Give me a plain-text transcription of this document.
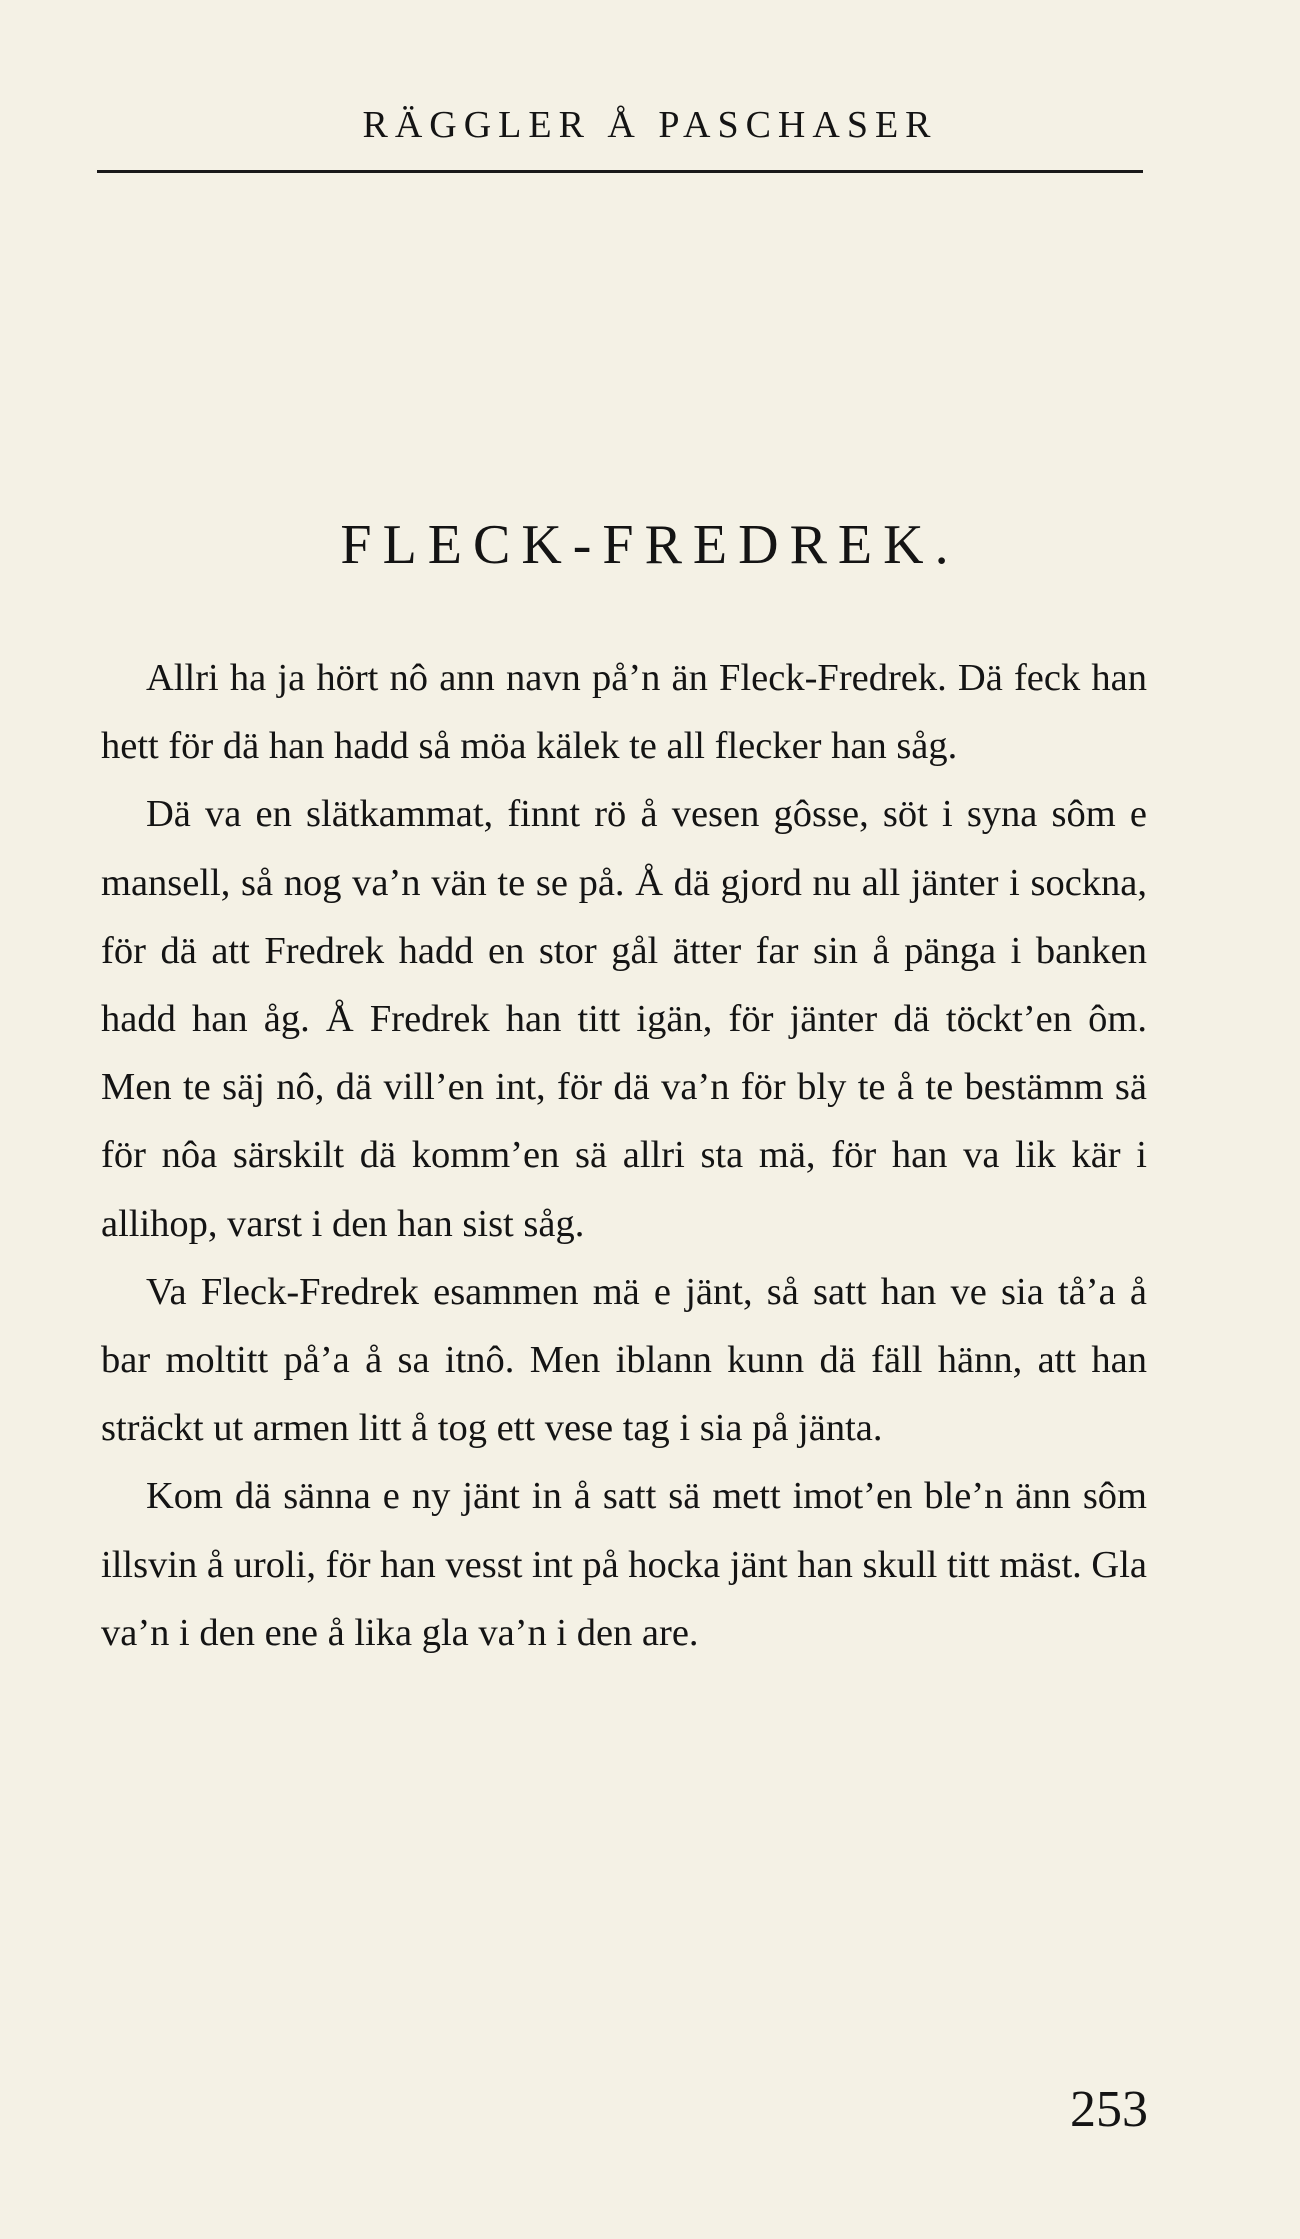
RÄGGLER Å PASCHASER
FLECK-FREDREK.

Allri ha ja hört nô ann navn på’n än Fleck-Fredrek. Dä feck han hett för dä han hadd så möa kälek te all flecker han såg.

Dä va en slätkammat, finnt rö å vesen gôsse, söt i syna sôm e mansell, så nog va’n vän te se på. Å dä gjord nu all jänter i sockna, för dä att Fredrek hadd en stor gål ätter far sin å pänga i banken hadd han åg. Å Fredrek han titt igän, för jänter dä töckt’en ôm. Men te säj nô, dä vill’en int, för dä va’n för bly te å te bestämm sä för nôa särskilt dä komm’en sä allri sta mä, för han va lik kär i allihop, varst i den han sist såg.

Va Fleck-Fredrek esammen mä e jänt, så satt han ve sia tå’a å bar moltitt på’a å sa itnô. Men iblann kunn dä fäll hänn, att han sträckt ut armen litt å tog ett vese tag i sia på jänta.

Kom dä sänna e ny jänt in å satt sä mett imot’en ble’n änn sôm illsvin å uroli, för han vesst int på hocka jänt han skull titt mäst. Gla va’n i den ene å lika gla va’n i den are.

253
